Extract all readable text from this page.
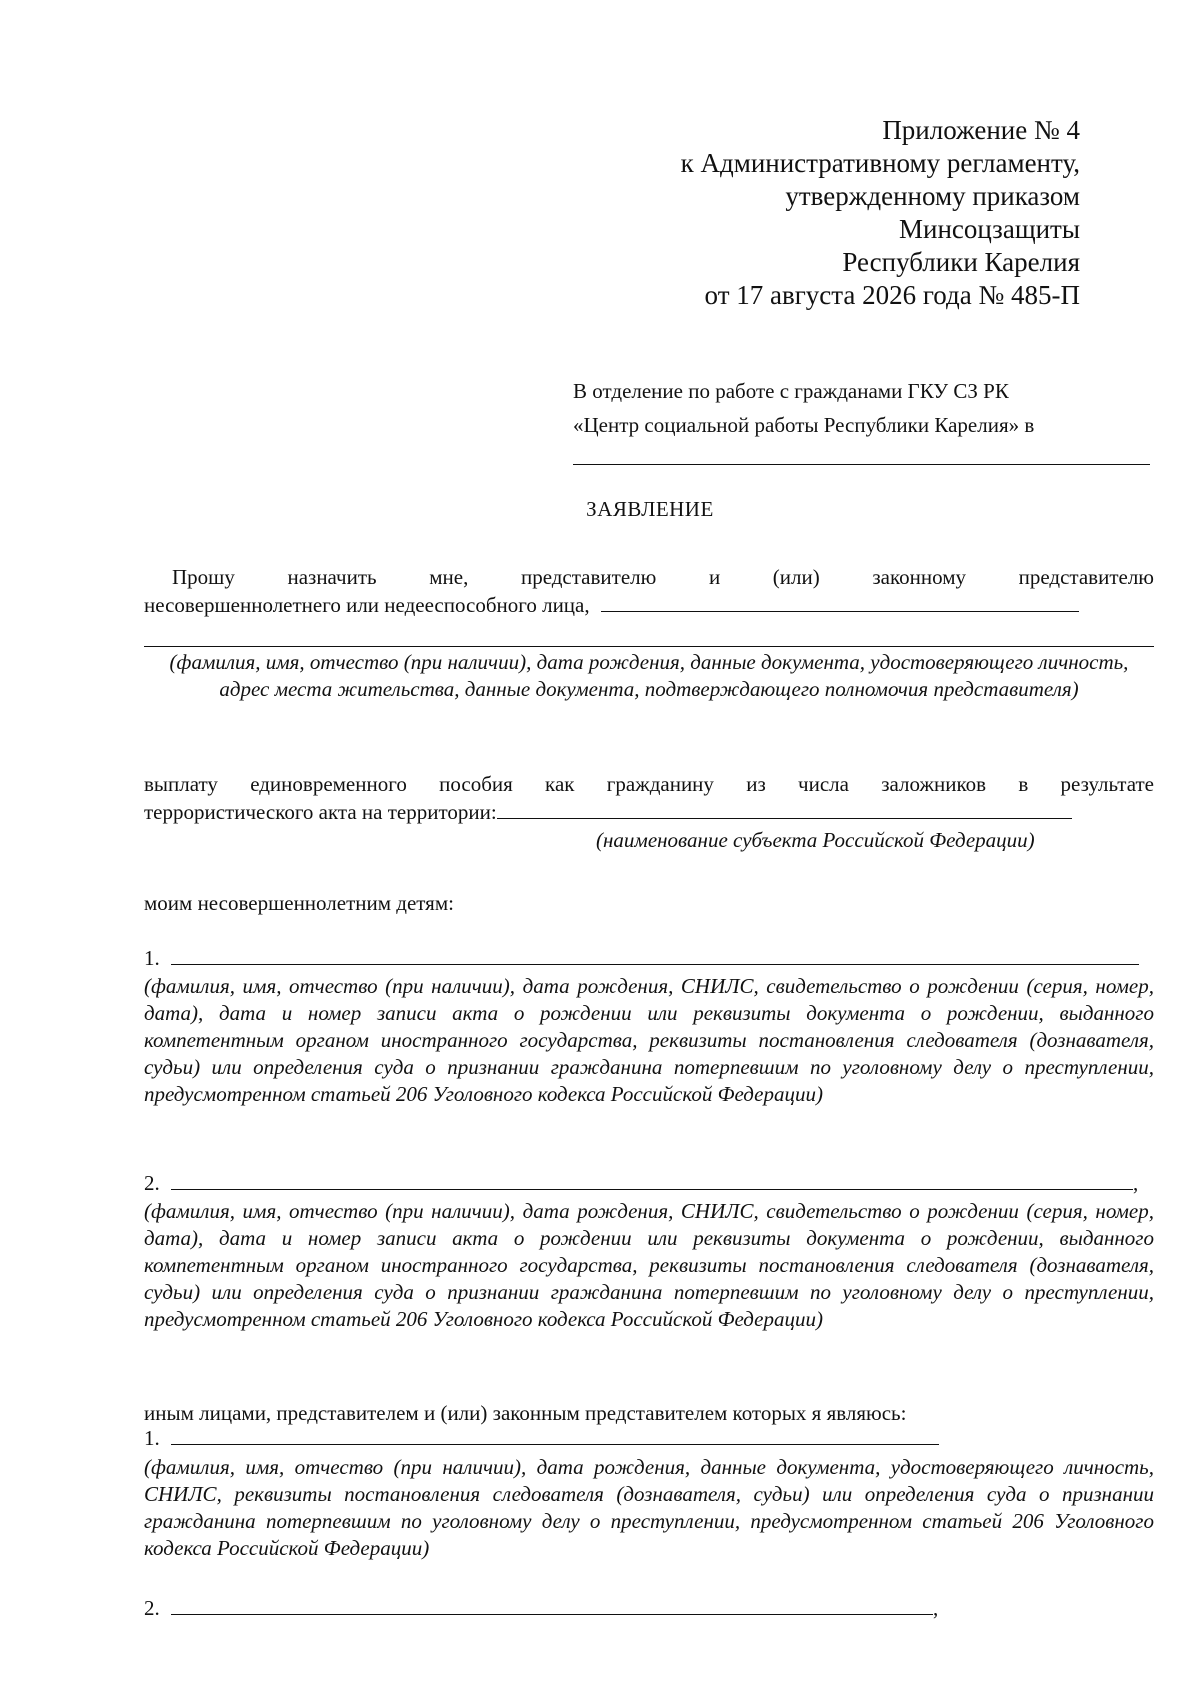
Приложение № 4
к Административному регламенту,
утвержденному приказом
Минсоцзащиты
Республики Карелия
от 17 августа 2026 года № 485-П
В отделение по работе с гражданами ГКУ СЗ РК
«Центр социальной работы Республики Карелия» в
ЗАЯВЛЕНИЕ
Прошу назначить мне, представителю и (или) законному представителю
несовершеннолетнего или недееспособного лица,
(фамилия, имя, отчество (при наличии), дата рождения, данные документа, удостоверяющего личность, адрес места жительства, данные документа, подтверждающего полномочия представителя)
выплату единовременного пособия как гражданину из числа заложников в результате
террористического акта на территории:
(наименование субъекта Российской Федерации)
моим несовершеннолетним детям:
1.
(фамилия, имя, отчество (при наличии), дата рождения, СНИЛС, свидетельство о рождении (серия, номер, дата), дата и номер записи акта о рождении или реквизиты документа о рождении, выданного компетентным органом иностранного государства, реквизиты постановления следователя (дознавателя, судьи) или определения суда о признании гражданина потерпевшим по уголовному делу о преступлении, предусмотренном статьей 206 Уголовного кодекса Российской Федерации)
2.	,
(фамилия, имя, отчество (при наличии), дата рождения, СНИЛС, свидетельство о рождении (серия, номер, дата), дата и номер записи акта о рождении или реквизиты документа о рождении, выданного компетентным органом иностранного государства, реквизиты постановления следователя (дознавателя, судьи) или определения суда о признании гражданина потерпевшим по уголовному делу о преступлении, предусмотренном статьей 206 Уголовного кодекса Российской Федерации)
иным лицами, представителем и (или) законным представителем которых я являюсь:
1.
(фамилия, имя, отчество (при наличии), дата рождения, данные документа, удостоверяющего личность, СНИЛС, реквизиты постановления следователя (дознавателя, судьи) или определения суда о признании гражданина потерпевшим по уголовному делу о преступлении, предусмотренном статьей 206 Уголовного кодекса Российской Федерации)
2.	,
